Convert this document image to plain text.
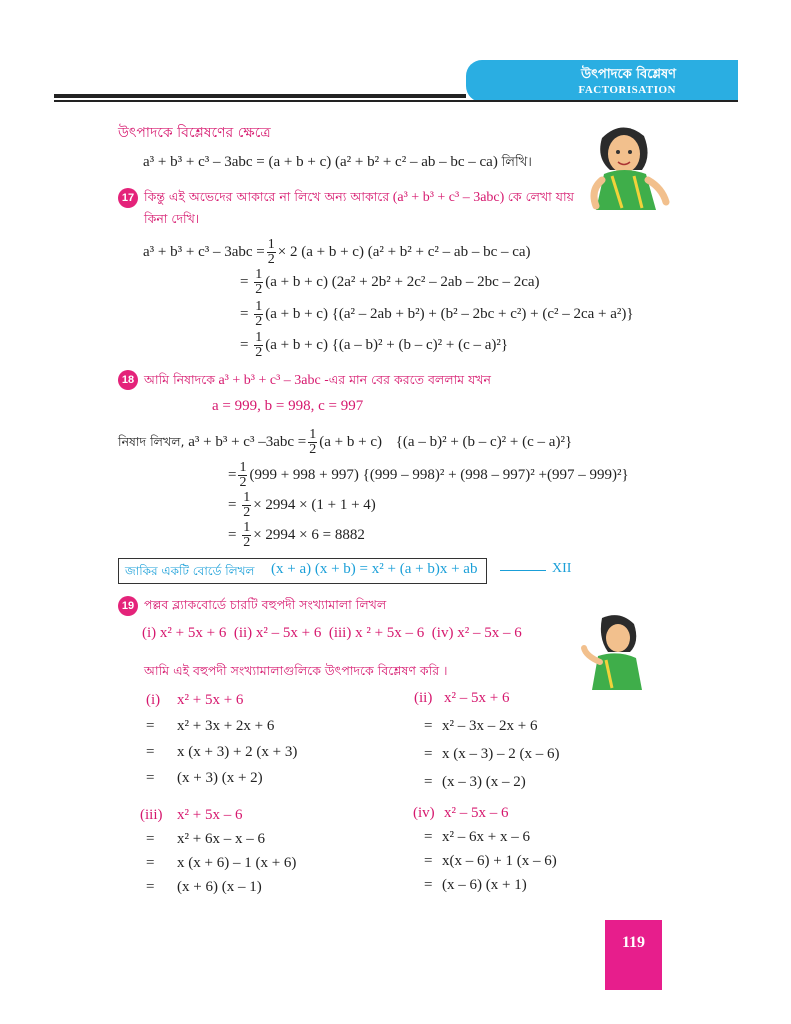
উৎপাদকে বিশ্লেষণ
FACTORISATION
উৎপাদকে বিশ্লেষণের ক্ষেত্রে
a³ + b³ + c³ – 3abc = (a + b + c) (a² + b² + c² – ab – bc – ca) লিখি।
17 কিন্তু এই অভেদের আকারে না লিখে অন্য আকারে (a³ + b³ + c³ – 3abc) কে লেখা যায়
কিনা দেখি।
$a^3 + b^3 + c^3 - 3abc = \frac{1}{2} \times 2$ (a + b + c) (a² + b² + c² – ab – bc – ca)
= $\frac{1}{2} (a + b + c) (2a^2 + 2b^2 + 2c^2 - 2ab - 2bc - 2ca)$
= $\frac{1}{2} (a + b + c)$ {(a² – 2ab + b²) + (b² – 2bc + c²) + (c² – 2ca + a²)}
= $\frac{1}{2} (a + b + c)$ {(a – b)² + (b – c)² + (c – a)²}
18 আমি নিষাদকে a³ + b³ + c³ – 3abc -এর মান বের করতে বললাম যখন
a = 999, b = 998, c = 997
নিষাদ লিখল, a³ + b³ + c³ $-3abc = \frac{1}{2} (a + b + c)$ {(a – b)² + (b – c)² + (c – a)²}
= $\frac{1}{2} (999 + 998 + 997)$ {(999 – 998)² + (998 – 997)² +(997 – 999)²}
= $\frac{1}{2} \times 2994 \times (1 + 1 + 4)$
= $\frac{1}{2} \times 2994 \times 6 = 8882$
জাকির একটি বোর্ডে লিখল (x + a) (x + b) = x² + (a + b)x + ab	XII
19 পল্লব ব্ল্যাকবোর্ডে চারটি বহুপদী সংখ্যামালা লিখল
(i) x² + 5x + 6  (ii) x² – 5x + 6  (iii) x ² + 5x – 6  (iv) x² – 5x – 6
আমি এই বহুপদী সংখ্যামালাগুলিকে উৎপাদকে বিশ্লেষণ করি ।
(i) x² + 5x + 6
= x² + 3x + 2x + 6
= x (x + 3) + 2 (x + 3)
= (x + 3) (x + 2)
(ii) x² – 5x + 6
= x² – 3x – 2x + 6
= x (x – 3) – 2 (x – 6)
= (x – 3) (x – 2)
(iii) x² + 5x – 6
= x² + 6x – x – 6
= x (x + 6) – 1 (x + 6)
= (x + 6) (x – 1)
(iv) x² – 5x – 6
= x² – 6x + x – 6
= x(x – 6) + 1 (x – 6)
= (x – 6) (x + 1)
119
